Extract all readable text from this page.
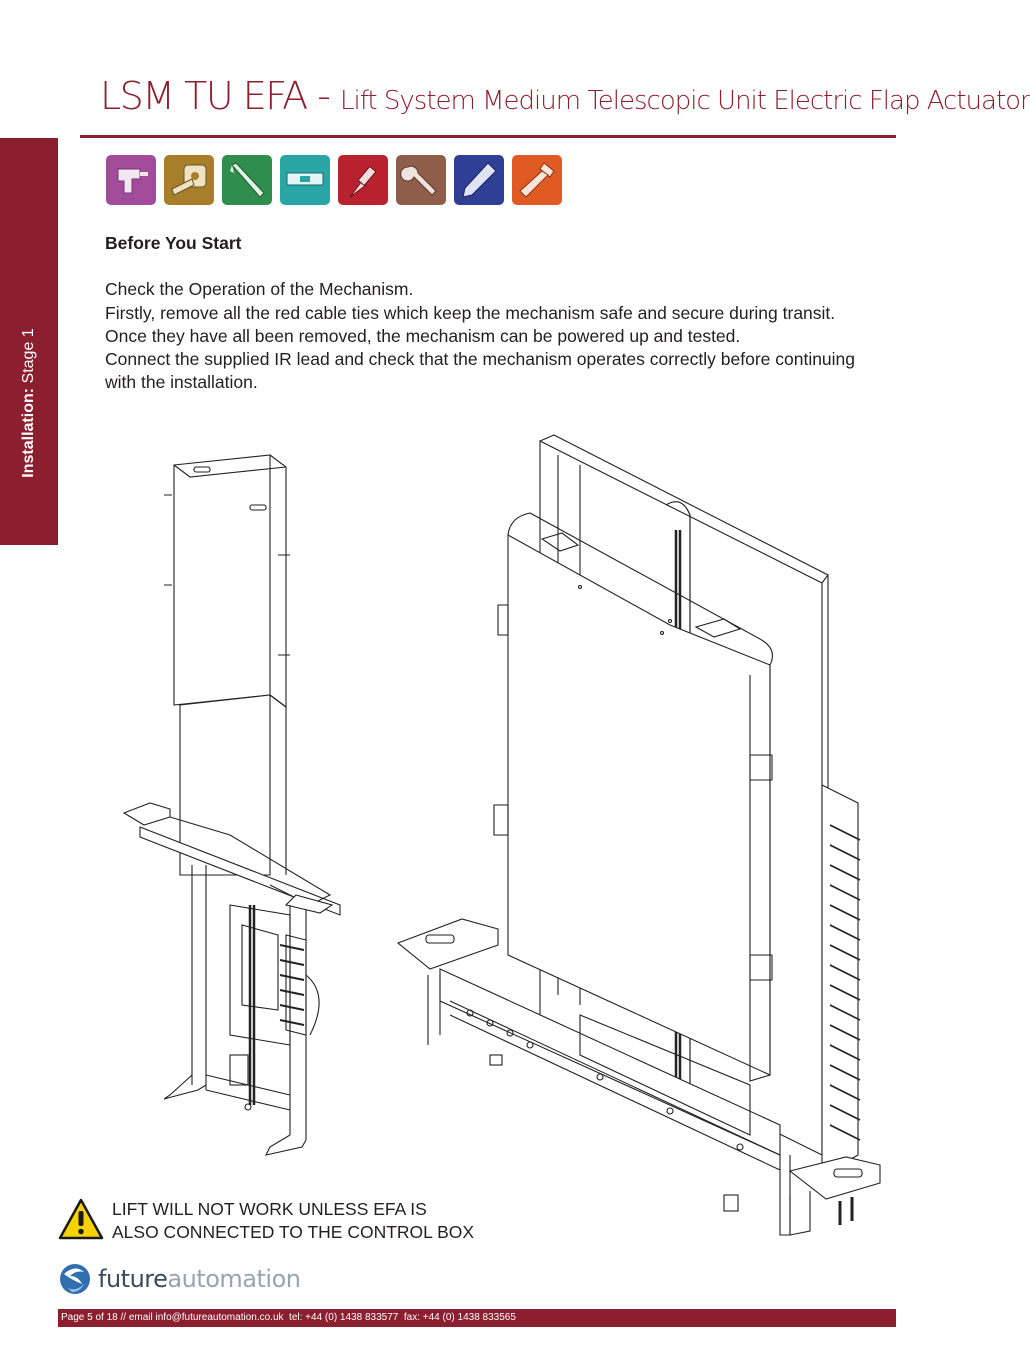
LSM TU EFA - Lift System Medium Telescopic Unit Electric Flap Actuator
Installation: Stage 1
Before You Start

Check the Operation of the Mechanism.

Firstly, remove all the red cable ties which keep the mechanism safe and secure during transit.

Once they have all been removed, the mechanism can be powered up and tested.

Connect the supplied IR lead and check that the mechanism operates correctly before continuing with the installation.

LIFT WILL NOT WORK UNLESS EFA IS
ALSO CONNECTED TO THE CONTROL BOX
futureautomation
Page 5 of 18 // email info@futureautomation.co.uk  tel: +44 (0) 1438 833577  fax: +44 (0) 1438 833565
